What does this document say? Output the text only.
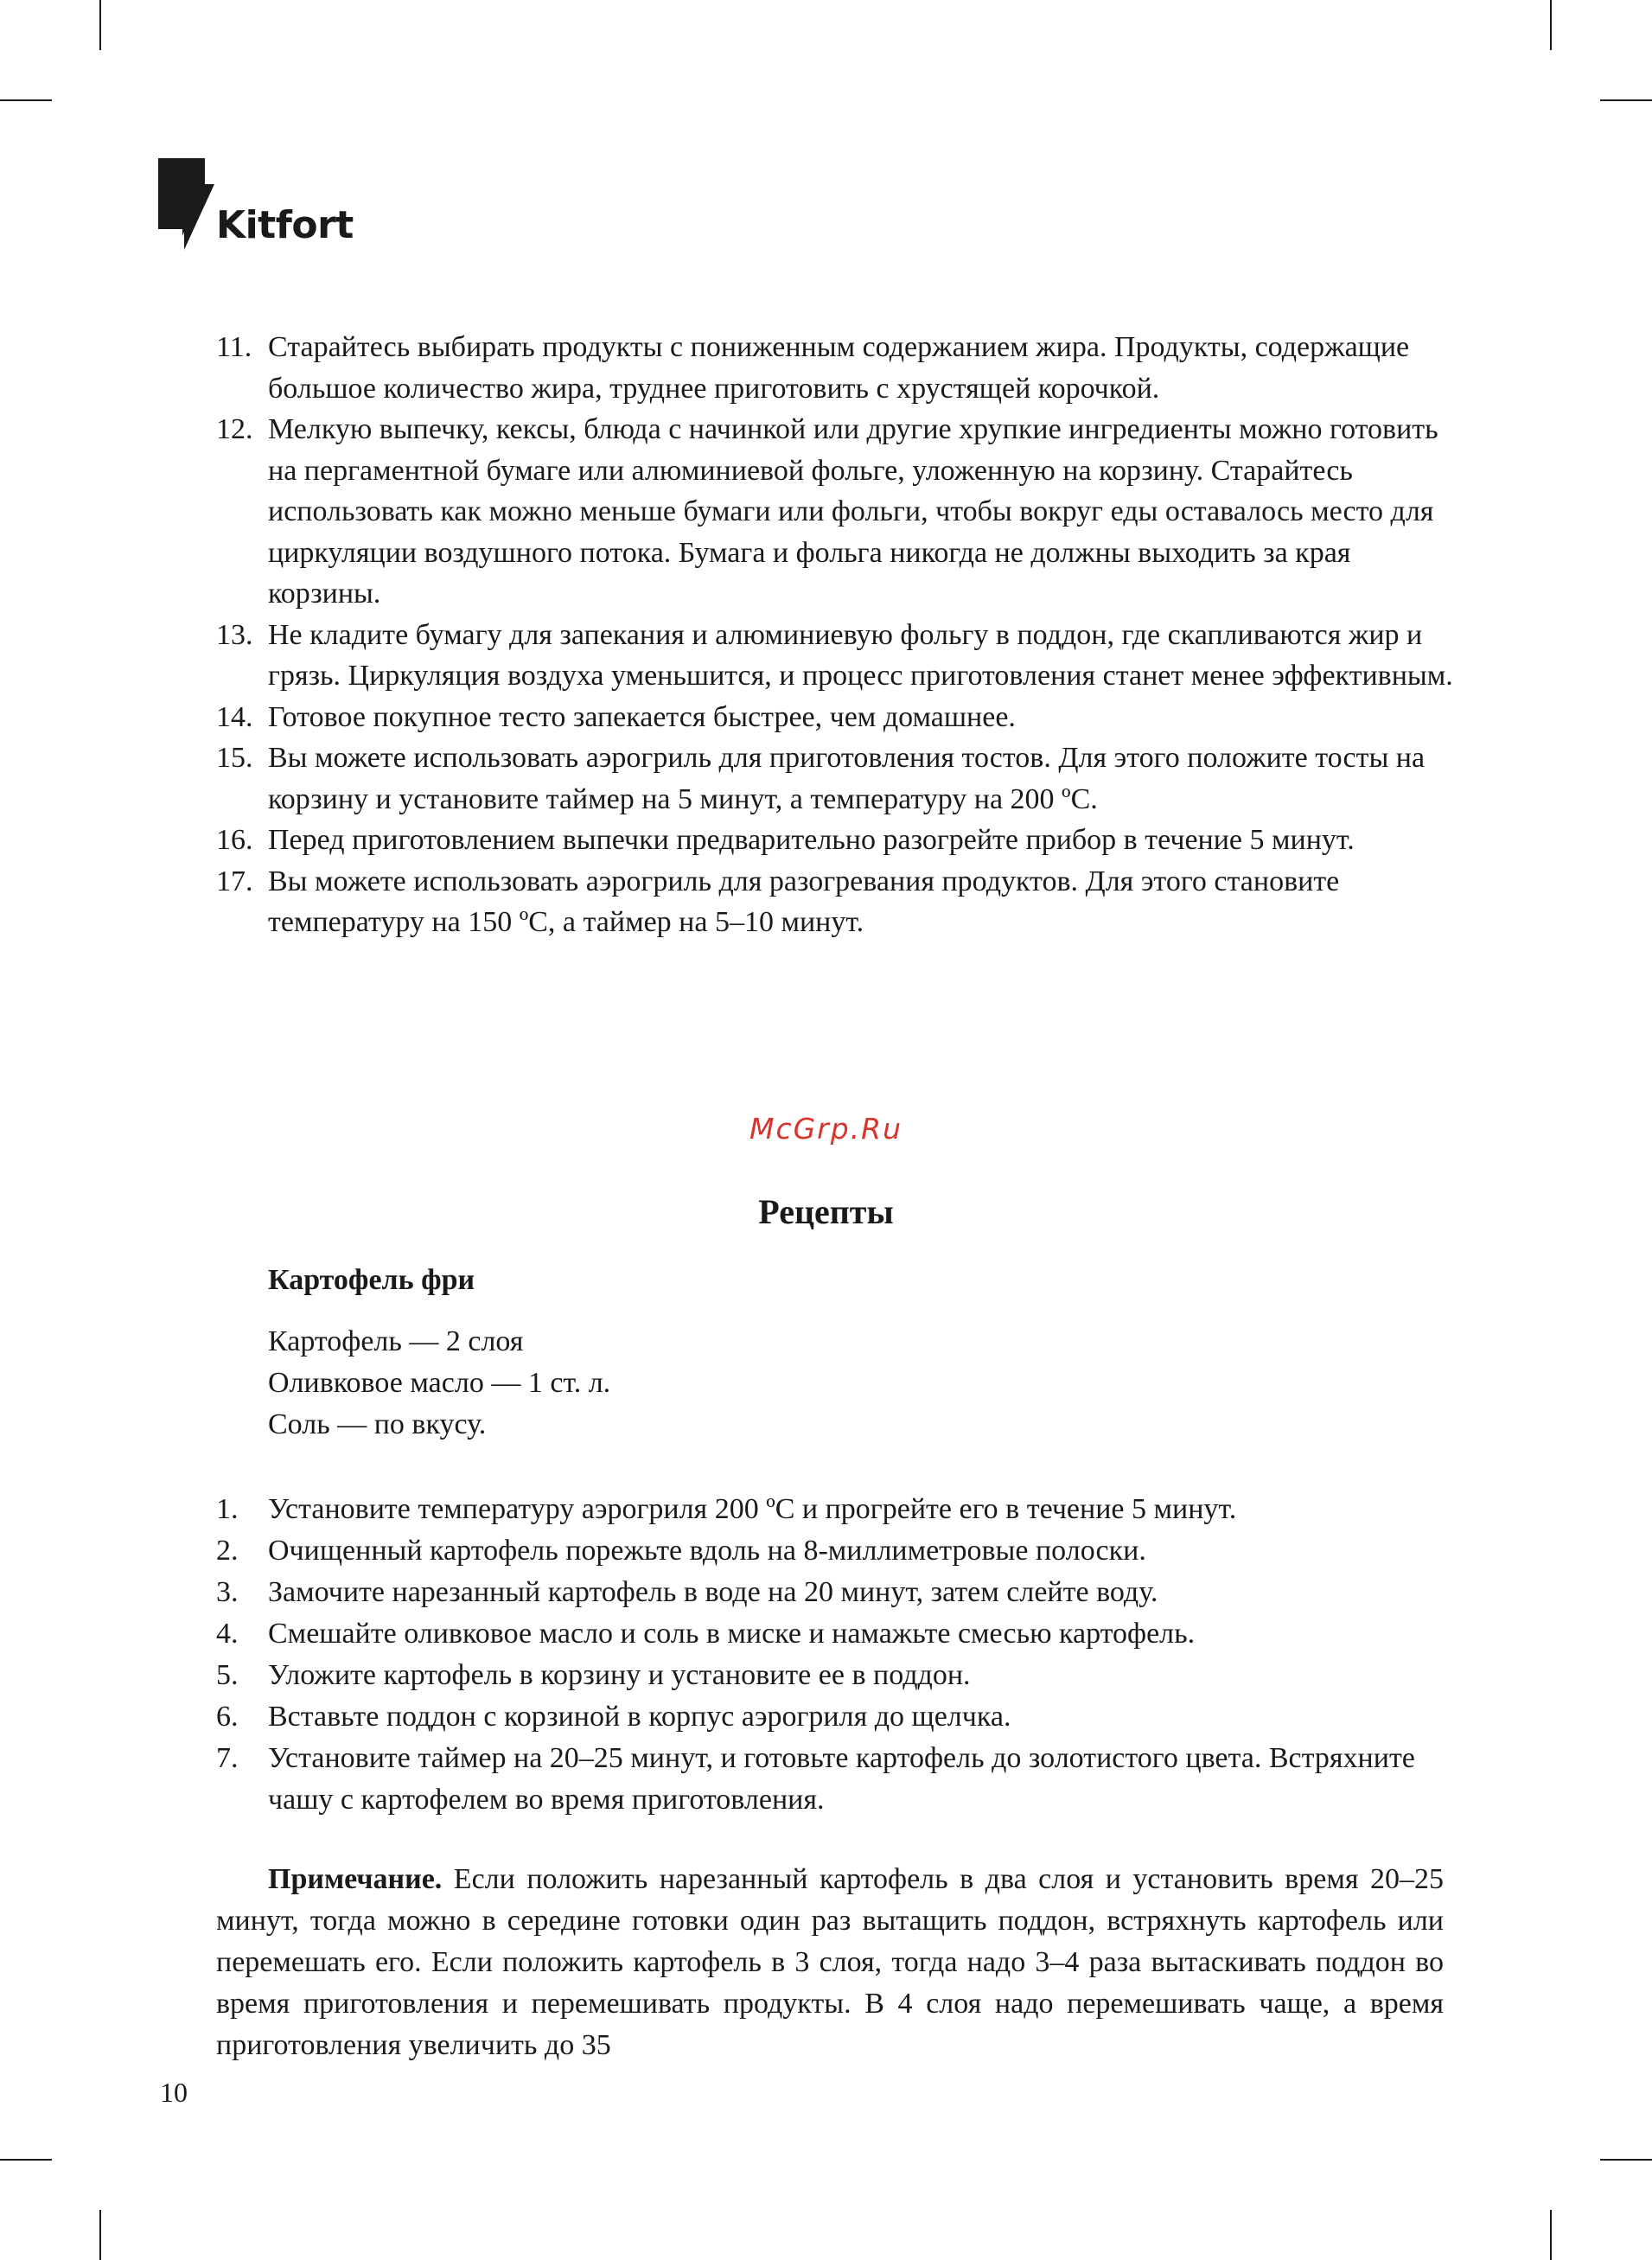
Kitfort
11. Старайтесь выбирать продукты с пониженным содержанием жира. Продукты, содержащие большое количество жира, труднее приготовить с хрустящей корочкой.
12. Мелкую выпечку, кексы, блюда с начинкой или другие хрупкие ингредиенты можно готовить на пергаментной бумаге или алюминиевой фольге, уложенную на корзину. Старайтесь использовать как можно меньше бумаги или фольги, чтобы вокруг еды оставалось место для циркуляции воздушного потока. Бумага и фольга никогда не должны выходить за края корзины.
13. Не кладите бумагу для запекания и алюминиевую фольгу в поддон, где скапливаются жир и грязь. Циркуляция воздуха уменьшится, и процесс приготовления станет менее эффективным.
14. Готовое покупное тесто запекается быстрее, чем домашнее.
15. Вы можете использовать аэрогриль для приготовления тостов. Для этого положите тосты на корзину и установите таймер на 5 минут, а температуру на 200 ºС.
16. Перед приготовлением выпечки предварительно разогрейте прибор в течение 5 минут.
17. Вы можете использовать аэрогриль для разогревания продуктов. Для этого становите температуру на 150 ºС, а таймер на 5–10 минут.
McGrp.Ru
Рецепты
Картофель фри
Картофель — 2 слоя
Оливковое масло — 1 ст. л.
Соль — по вкусу.
1.	Установите температуру аэрогриля 200 ºС и прогрейте его в течение 5 минут.
2.	Очищенный картофель порежьте вдоль на 8-миллиметровые полоски.
3.	Замочите нарезанный картофель в воде на 20 минут, затем слейте воду.
4.	Смешайте оливковое масло и соль в миске и намажьте смесью картофель.
5.	Уложите картофель в корзину и установите ее в поддон.
6.	Вставьте поддон с корзиной в корпус аэрогриля до щелчка.
7.	Установите таймер на 20–25 минут, и готовьте картофель до золотистого цвета. Встряхните чашу с картофелем во время приготовления.
Примечание. Если положить нарезанный картофель в два слоя и установить время 20–25 минут, тогда можно в середине готовки один раз вытащить поддон, встряхнуть картофель или перемешать его. Если положить картофель в 3 слоя, тогда надо 3–4 раза вытаскивать поддон во время приготовления и перемешивать продукты. В 4 слоя надо перемешивать чаще, а время приготовления увеличить до 35
10
